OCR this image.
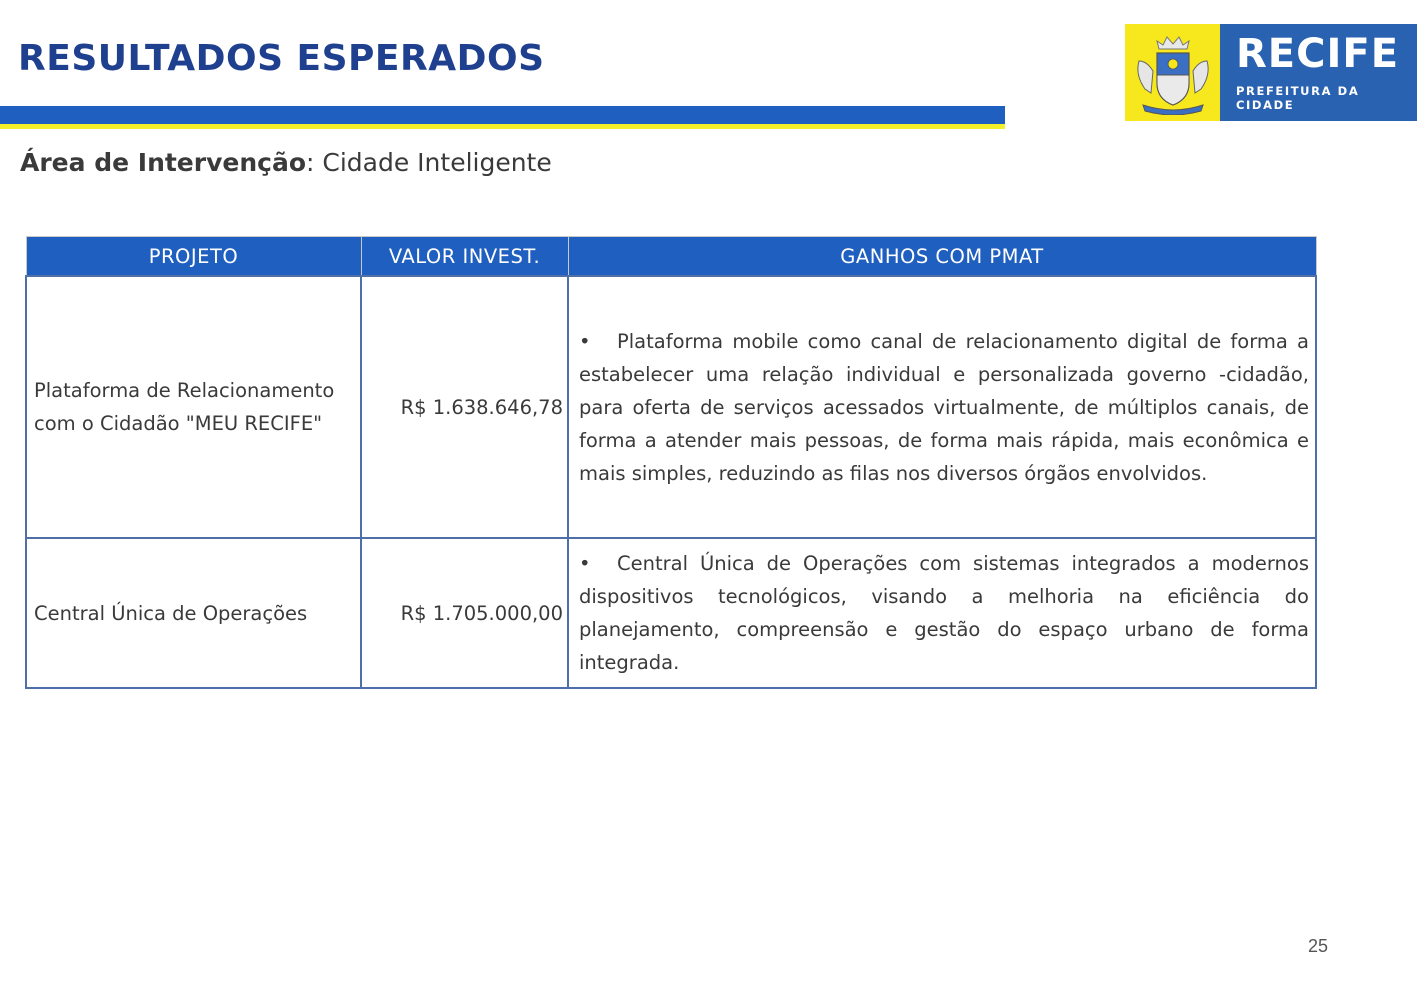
RESULTADOS ESPERADOS	RECIFE
PREFEITURA DA CIDADE
Área de Intervenção: Cidade Inteligente
PROJETO	VALOR INVEST.	GANHOS COM PMAT
Plataforma de Relacionamento com o Cidadão "MEU RECIFE"	R$ 1.638.646,78	• Plataforma mobile como canal de relacionamento digital de forma a estabelecer uma relação individual e personalizada governo -cidadão, para oferta de serviços acessados virtualmente, de múltiplos canais, de forma a atender mais pessoas, de forma mais rápida, mais econômica e mais simples, reduzindo as filas nos diversos órgãos envolvidos.

Central Única de Operações	R$ 1.705.000,00	• Central Única de Operações com sistemas integrados a modernos dispositivos tecnológicos, visando a melhoria na eficiência do planejamento, compreensão e gestão do espaço urbano de forma integrada.
25
